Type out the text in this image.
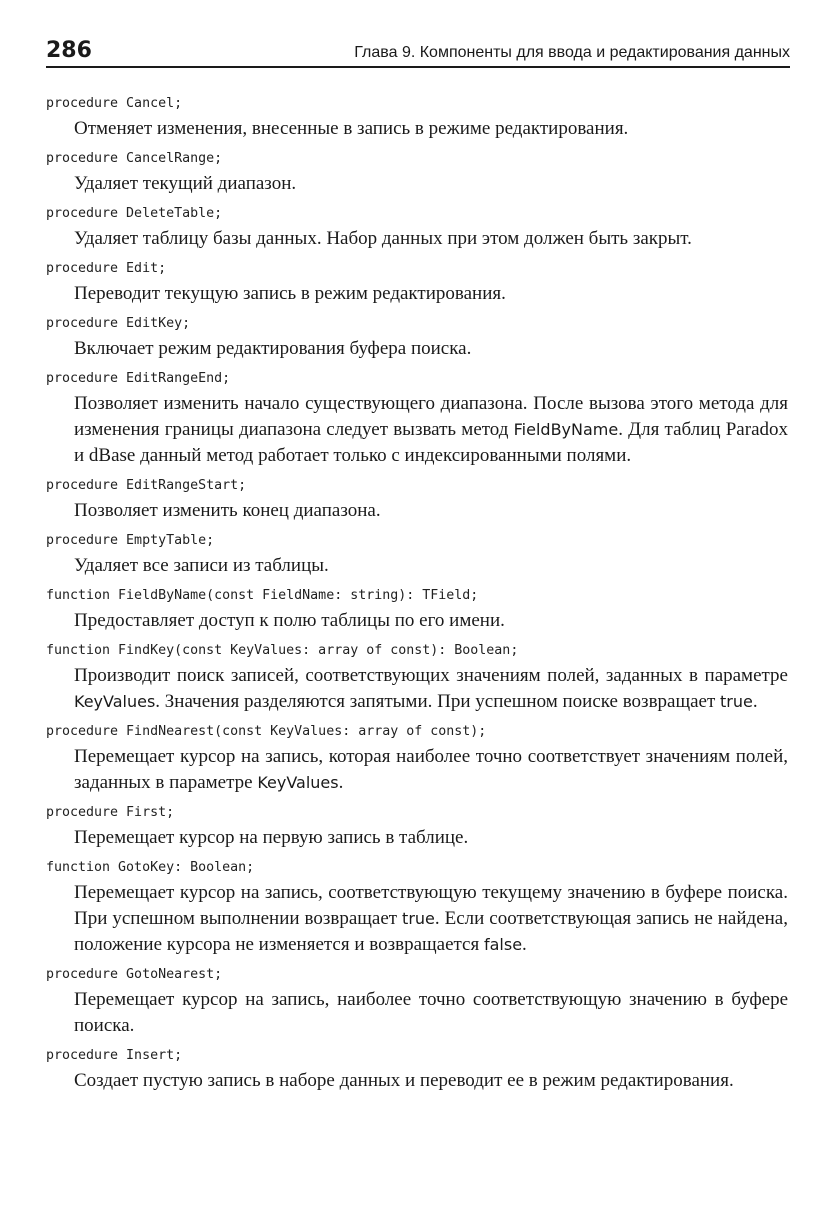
286	Глава 9. Компоненты для ввода и редактирования данных
procedure Cancel;

Отменяет изменения, внесенные в запись в режиме редактирования.

procedure CancelRange;

Удаляет текущий диапазон.

procedure DeleteTable;

Удаляет таблицу базы данных. Набор данных при этом должен быть закрыт.

procedure Edit;

Переводит текущую запись в режим редактирования.

procedure EditKey;

Включает режим редактирования буфера поиска.

procedure EditRangeEnd;

Позволяет изменить начало существующего диапазона. После вызова этого метода для изменения границы диапазона следует вызвать метод FieldByName. Для таблиц Paradox и dBase данный метод работает только с индексированными полями.

procedure EditRangeStart;

Позволяет изменить конец диапазона.

procedure EmptyTable;

Удаляет все записи из таблицы.

function FieldByName(const FieldName: string): TField;

Предоставляет доступ к полю таблицы по его имени.

function FindKey(const KeyValues: array of const): Boolean;

Производит поиск записей, соответствующих значениям полей, заданных в параметре KeyValues. Значения разделяются запятыми. При успешном поиске возвращает true.

procedure FindNearest(const KeyValues: array of const);

Перемещает курсор на запись, которая наиболее точно соответствует значениям полей, заданных в параметре KeyValues.

procedure First;

Перемещает курсор на первую запись в таблице.

function GotoKey: Boolean;

Перемещает курсор на запись, соответствующую текущему значению в буфере поиска. При успешном выполнении возвращает true. Если соответствующая запись не найдена, положение курсора не изменяется и возвращается false.

procedure GotoNearest;

Перемещает курсор на запись, наиболее точно соответствующую значению в буфере поиска.

procedure Insert;

Создает пустую запись в наборе данных и переводит ее в режим редактирования.
